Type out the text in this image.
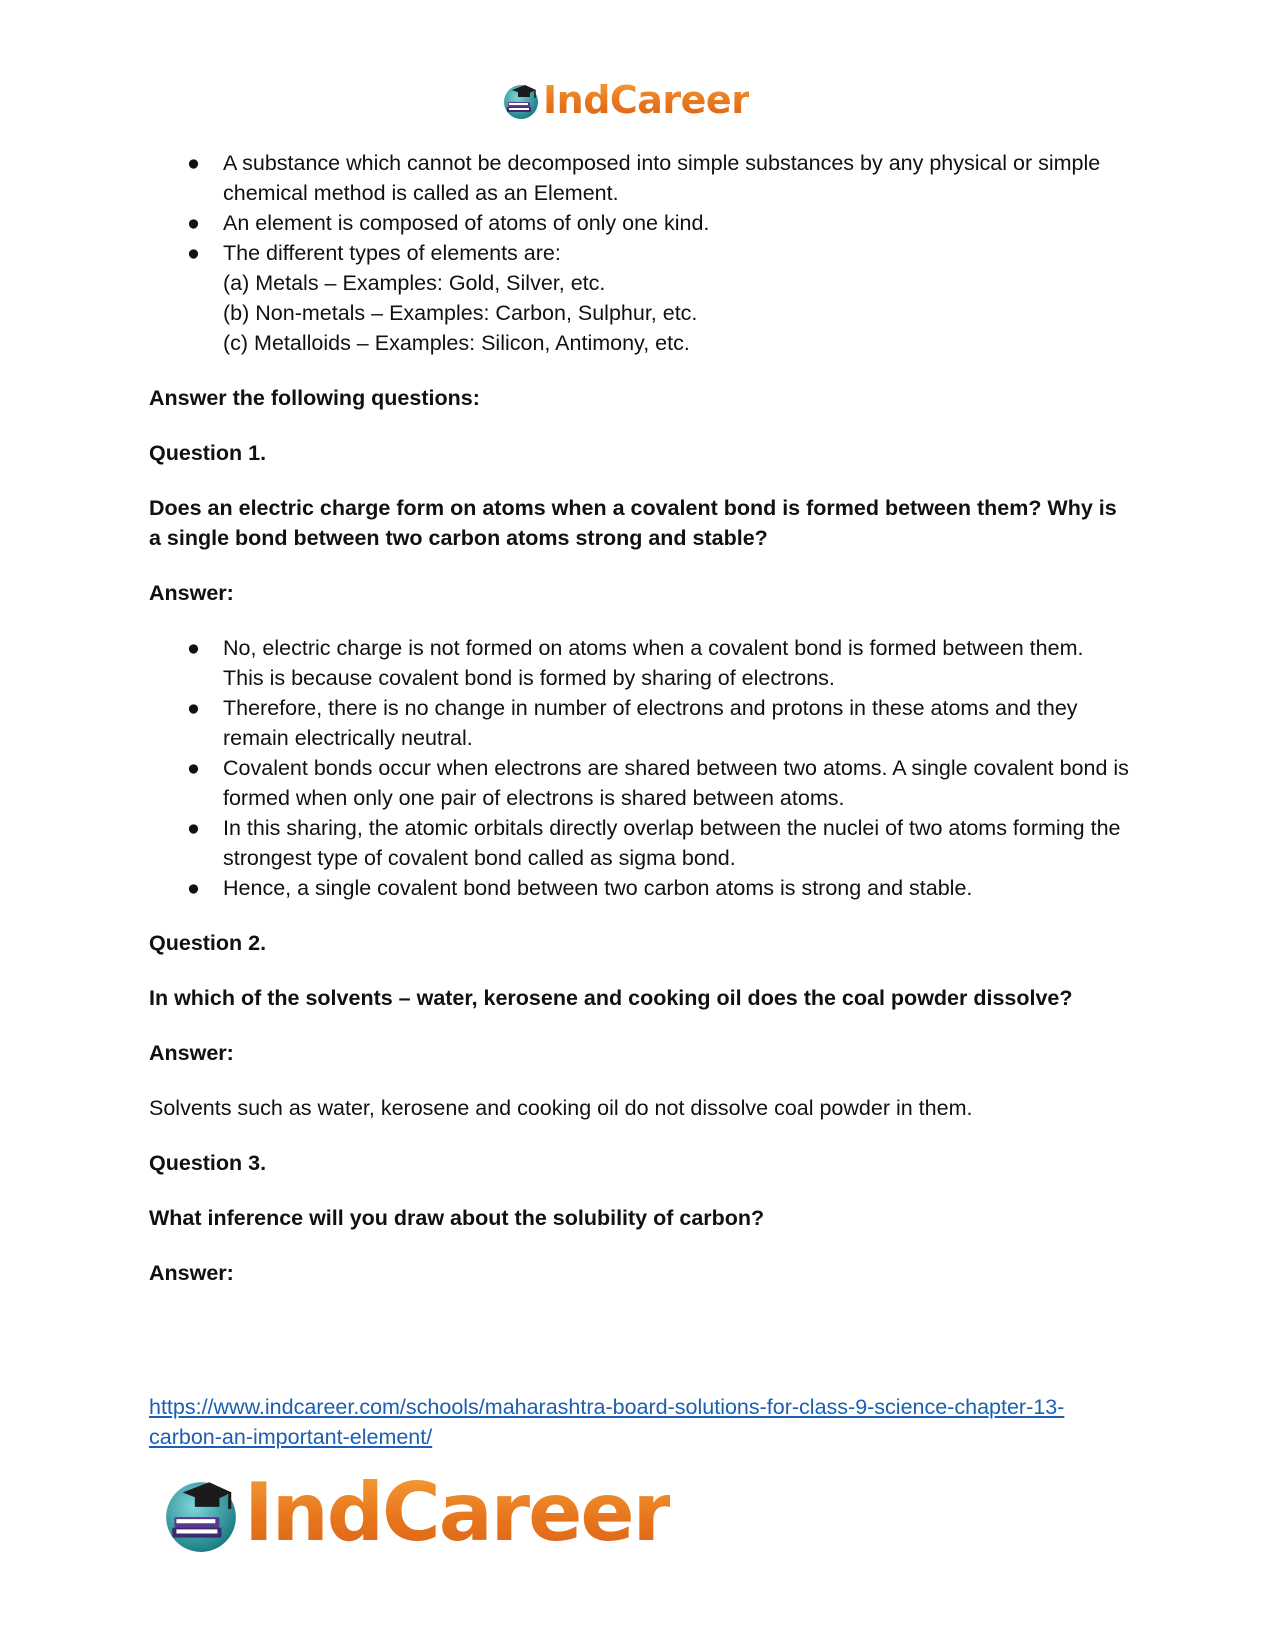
IndCareer
● A substance which cannot be decomposed into simple substances by any physical or simple chemical method is called as an Element.
● An element is composed of atoms of only one kind.
● The different types of elements are:
(a) Metals – Examples: Gold, Silver, etc.
(b) Non-metals – Examples: Carbon, Sulphur, etc.
(c) Metalloids – Examples: Silicon, Antimony, etc.

Answer the following questions:

Question 1.

Does an electric charge form on atoms when a covalent bond is formed between them? Why is a single bond between two carbon atoms strong and stable?

Answer:

● No, electric charge is not formed on atoms when a covalent bond is formed between them. This is because covalent bond is formed by sharing of electrons.
● Therefore, there is no change in number of electrons and protons in these atoms and they remain electrically neutral.
● Covalent bonds occur when electrons are shared between two atoms. A single covalent bond is formed when only one pair of electrons is shared between atoms.
● In this sharing, the atomic orbitals directly overlap between the nuclei of two atoms forming the strongest type of covalent bond called as sigma bond.
● Hence, a single covalent bond between two carbon atoms is strong and stable.

Question 2.

In which of the solvents – water, kerosene and cooking oil does the coal powder dissolve?

Answer:

Solvents such as water, kerosene and cooking oil do not dissolve coal powder in them.

Question 3.

What inference will you draw about the solubility of carbon?

Answer:

https://www.indcareer.com/schools/maharashtra-board-solutions-for-class-9-science-chapter-13-carbon-an-important-element/
IndCareer
